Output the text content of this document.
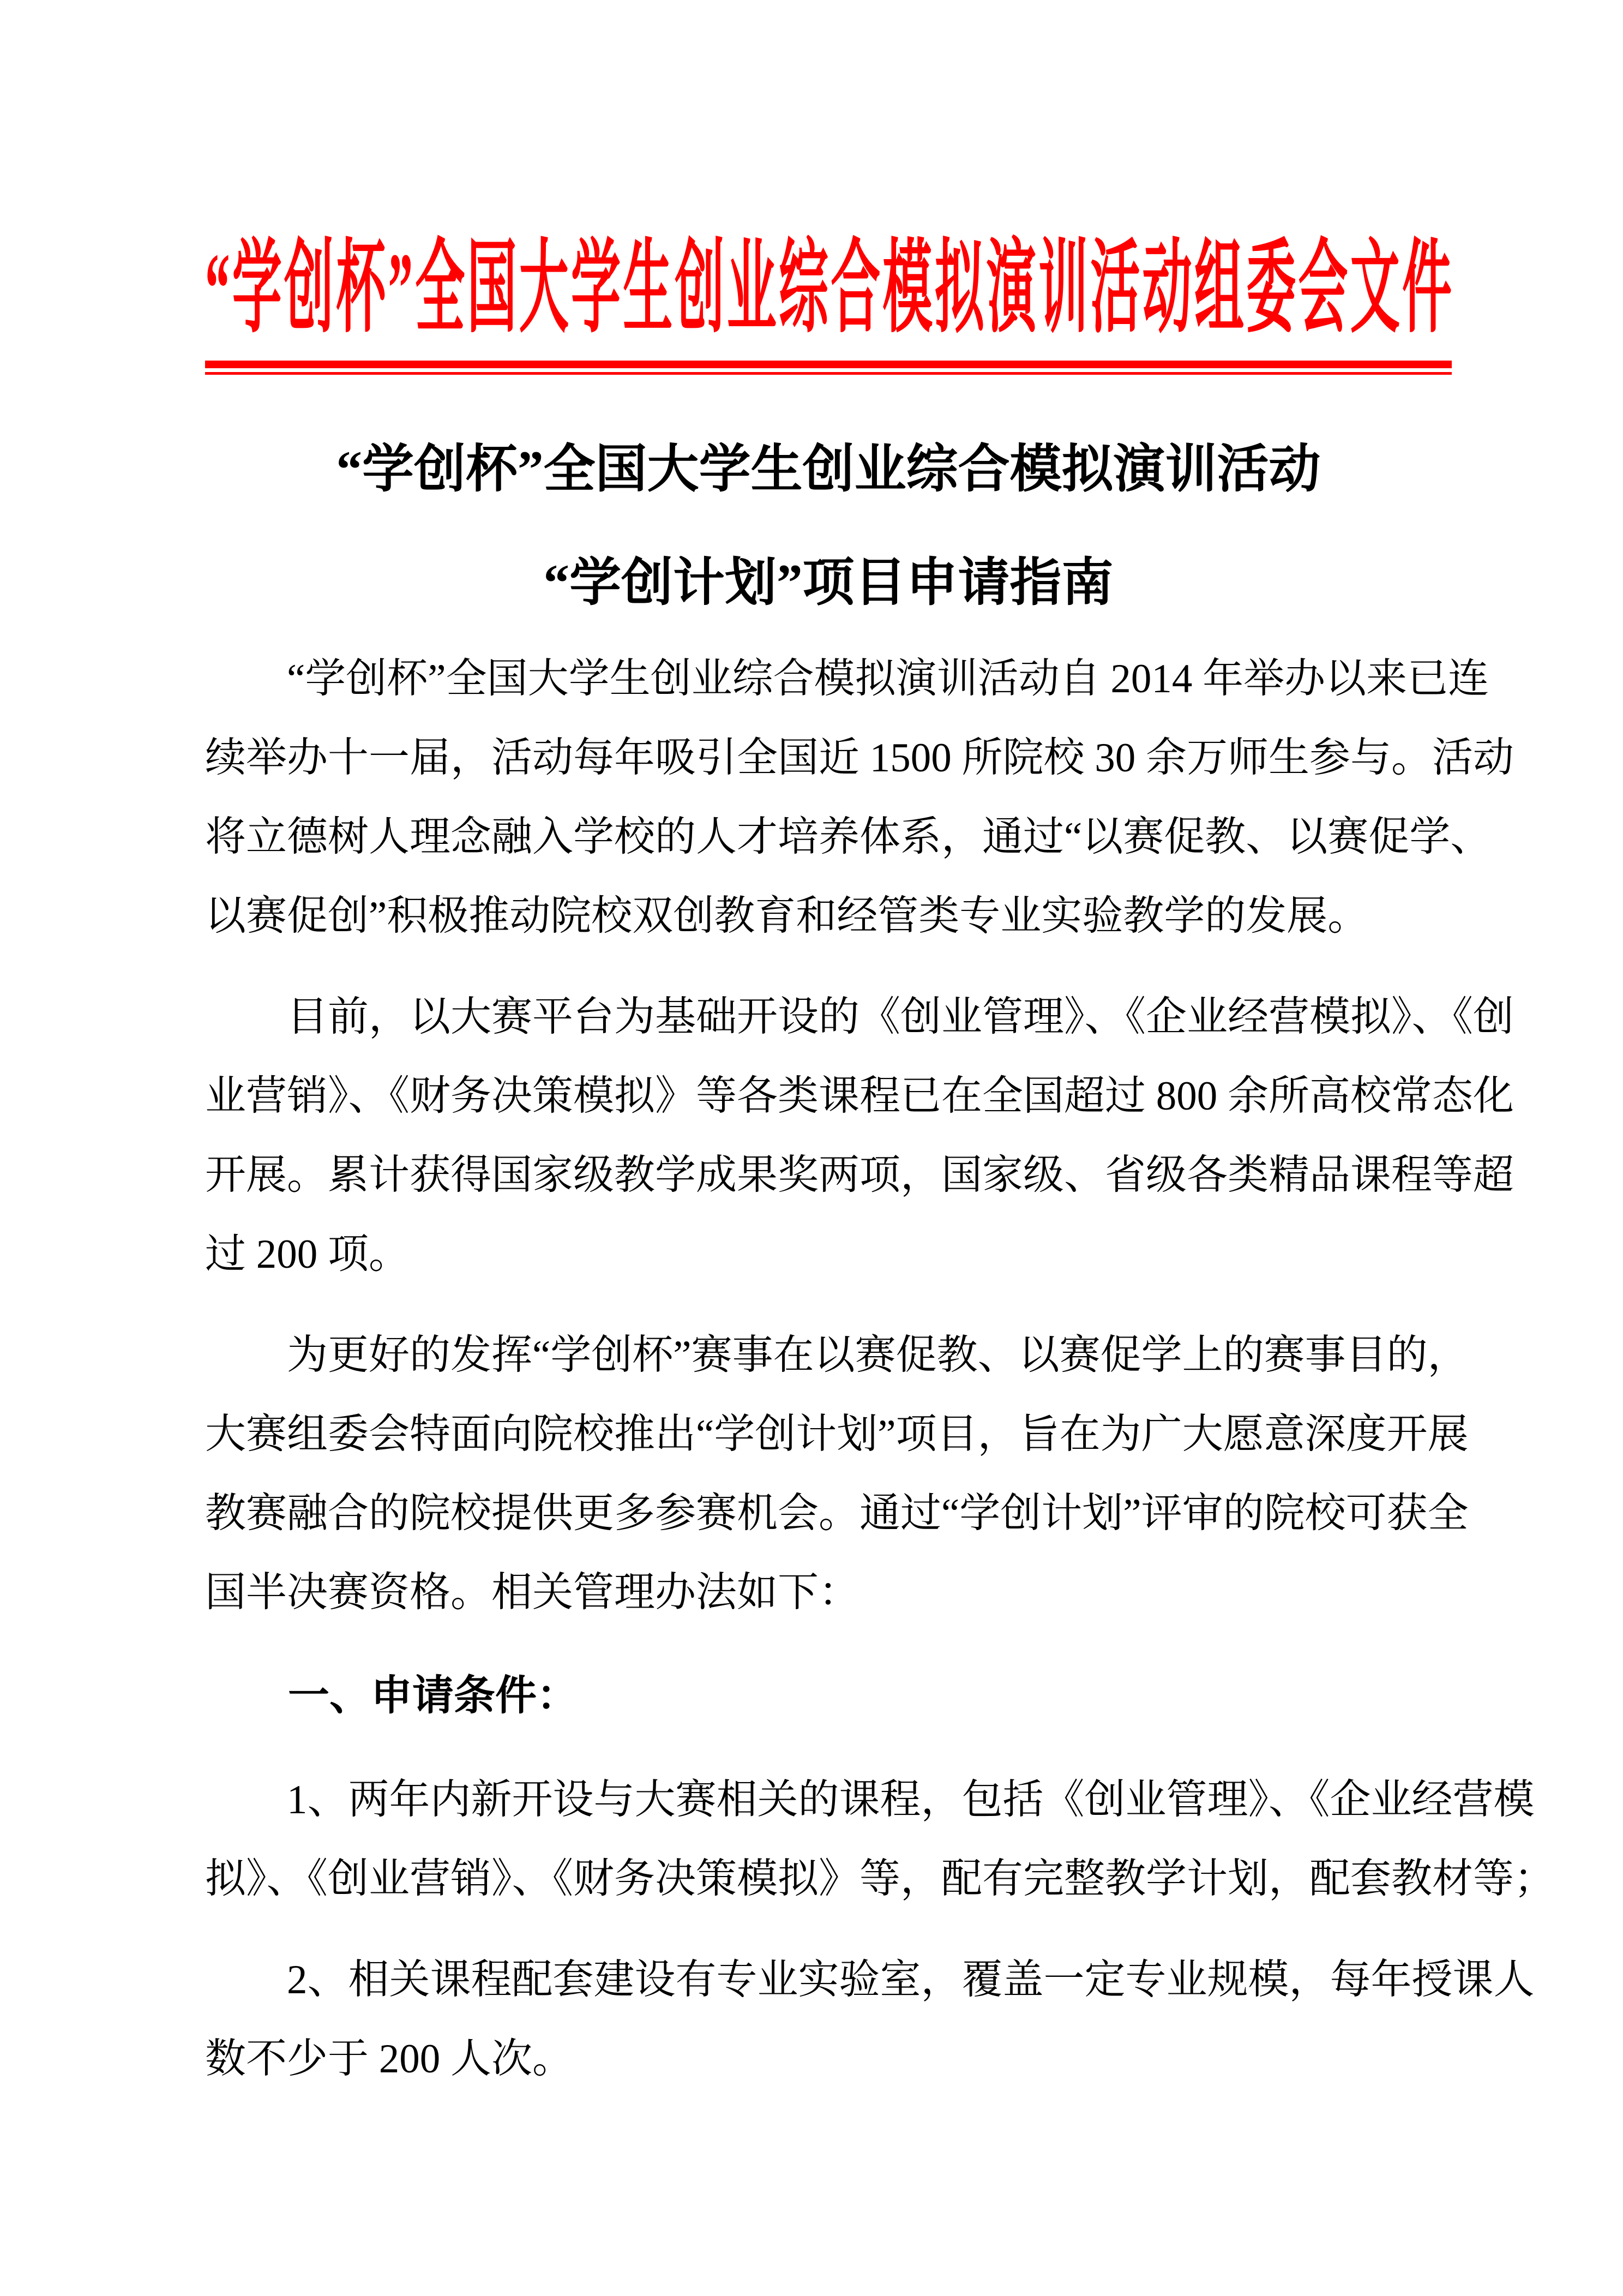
“学创杯”全国大学生创业综合模拟演训活动组委会文件
“学创杯”全国大学生创业综合模拟演训活动
“学创计划”项目申请指南
“学创杯”全国大学生创业综合模拟演训活动自 2014 年举办以来已连
续举办十一届，活动每年吸引全国近 1500 所院校 30 余万师生参与。活动
将立德树人理念融入学校的人才培养体系，通过“以赛促教、以赛促学、
以赛促创”积极推动院校双创教育和经管类专业实验教学的发展。
目前，以大赛平台为基础开设的《创业管理》、《企业经营模拟》、《创
业营销》、《财务决策模拟》等各类课程已在全国超过 800 余所高校常态化
开展。累计获得国家级教学成果奖两项，国家级、省级各类精品课程等超
过 200 项。
为更好的发挥“学创杯”赛事在以赛促教、以赛促学上的赛事目的，
大赛组委会特面向院校推出“学创计划”项目，旨在为广大愿意深度开展
教赛融合的院校提供更多参赛机会。通过“学创计划”评审的院校可获全
国半决赛资格。相关管理办法如下：
一、申请条件：
1、两年内新开设与大赛相关的课程，包括《创业管理》、《企业经营模
拟》、《创业营销》、《财务决策模拟》等，配有完整教学计划，配套教材等；
2、相关课程配套建设有专业实验室，覆盖一定专业规模，每年授课人
数不少于 200 人次。
